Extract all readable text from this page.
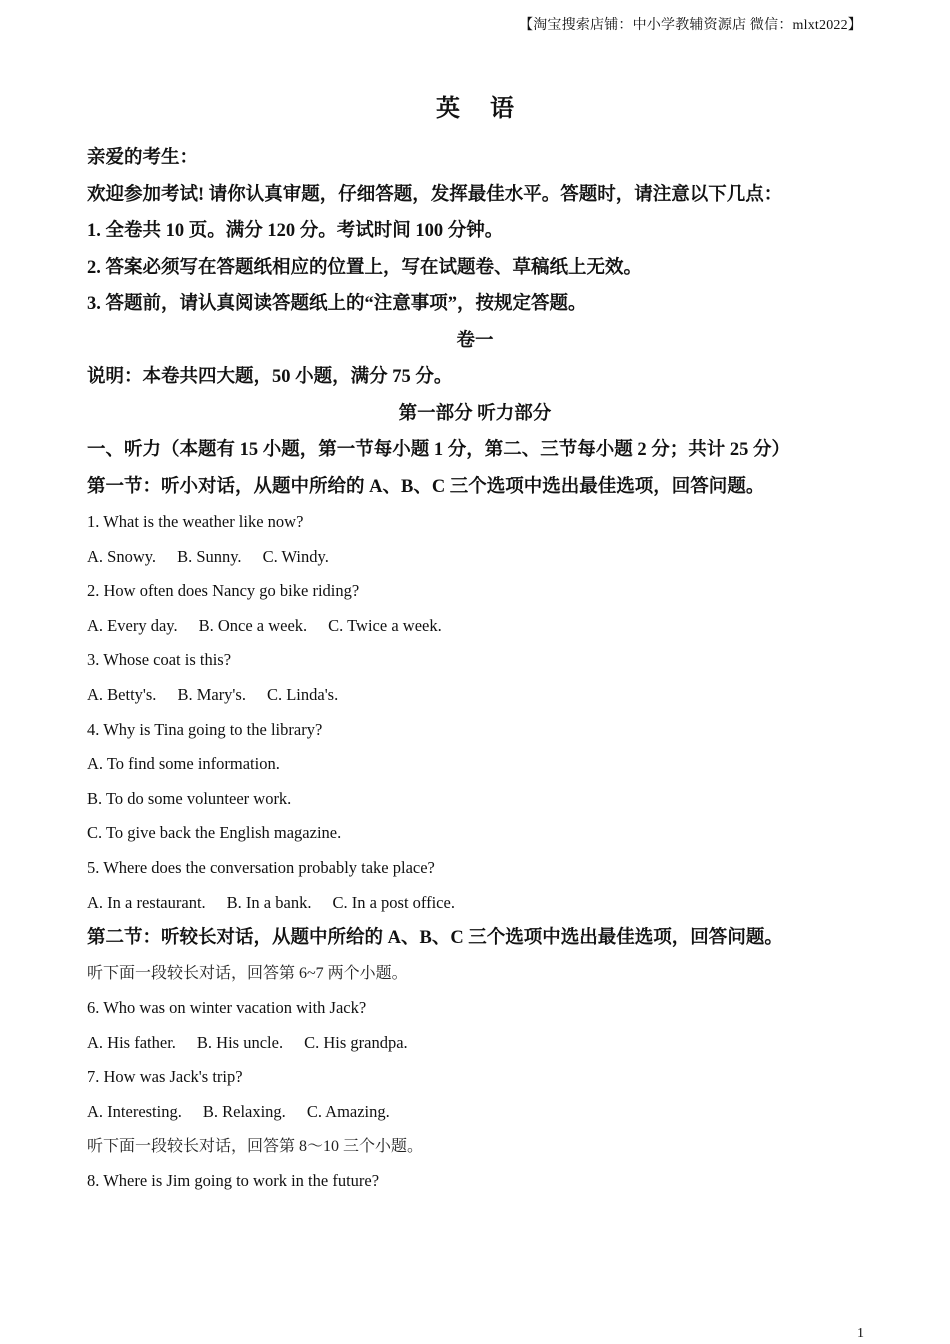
【淘宝搜索店铺：中小学教辅资源店 微信：mlxt2022】
英 语
亲爱的考生：
欢迎参加考试! 请你认真审题，仔细答题，发挥最佳水平。答题时，请注意以下几点：
1. 全卷共 10 页。满分 120 分。考试时间 100 分钟。
2. 答案必须写在答题纸相应的位置上，写在试题卷、草稿纸上无效。
3. 答题前，请认真阅读答题纸上的“注意事项”，按规定答题。
卷一
说明：本卷共四大题，50 小题，满分 75 分。
第一部分 听力部分
一、听力（本题有 15 小题，第一节每小题 1 分，第二、三节每小题 2 分；共计 25 分）
第一节：听小对话，从题中所给的 A、B、C 三个选项中选出最佳选项，回答问题。
1. What is the weather like now?
A. Snowy. B. Sunny. C. Windy.
2. How often does Nancy go bike riding?
A. Every day. B. Once a week. C. Twice a week.
3. Whose coat is this?
A. Betty's. B. Mary's. C. Linda's.
4. Why is Tina going to the library?
A. To find some information.
B. To do some volunteer work.
C. To give back the English magazine.
5. Where does the conversation probably take place?
A. In a restaurant. B. In a bank. C. In a post office.
第二节：听较长对话，从题中所给的 A、B、C 三个选项中选出最佳选项，回答问题。
听下面一段较长对话，回答第 6~7 两个小题。
6. Who was on winter vacation with Jack?
A. His father. B. His uncle. C. His grandpa.
7. How was Jack's trip?
A. Interesting. B. Relaxing. C. Amazing.
听下面一段较长对话，回答第 8～10 三个小题。
8. Where is Jim going to work in the future?
1
